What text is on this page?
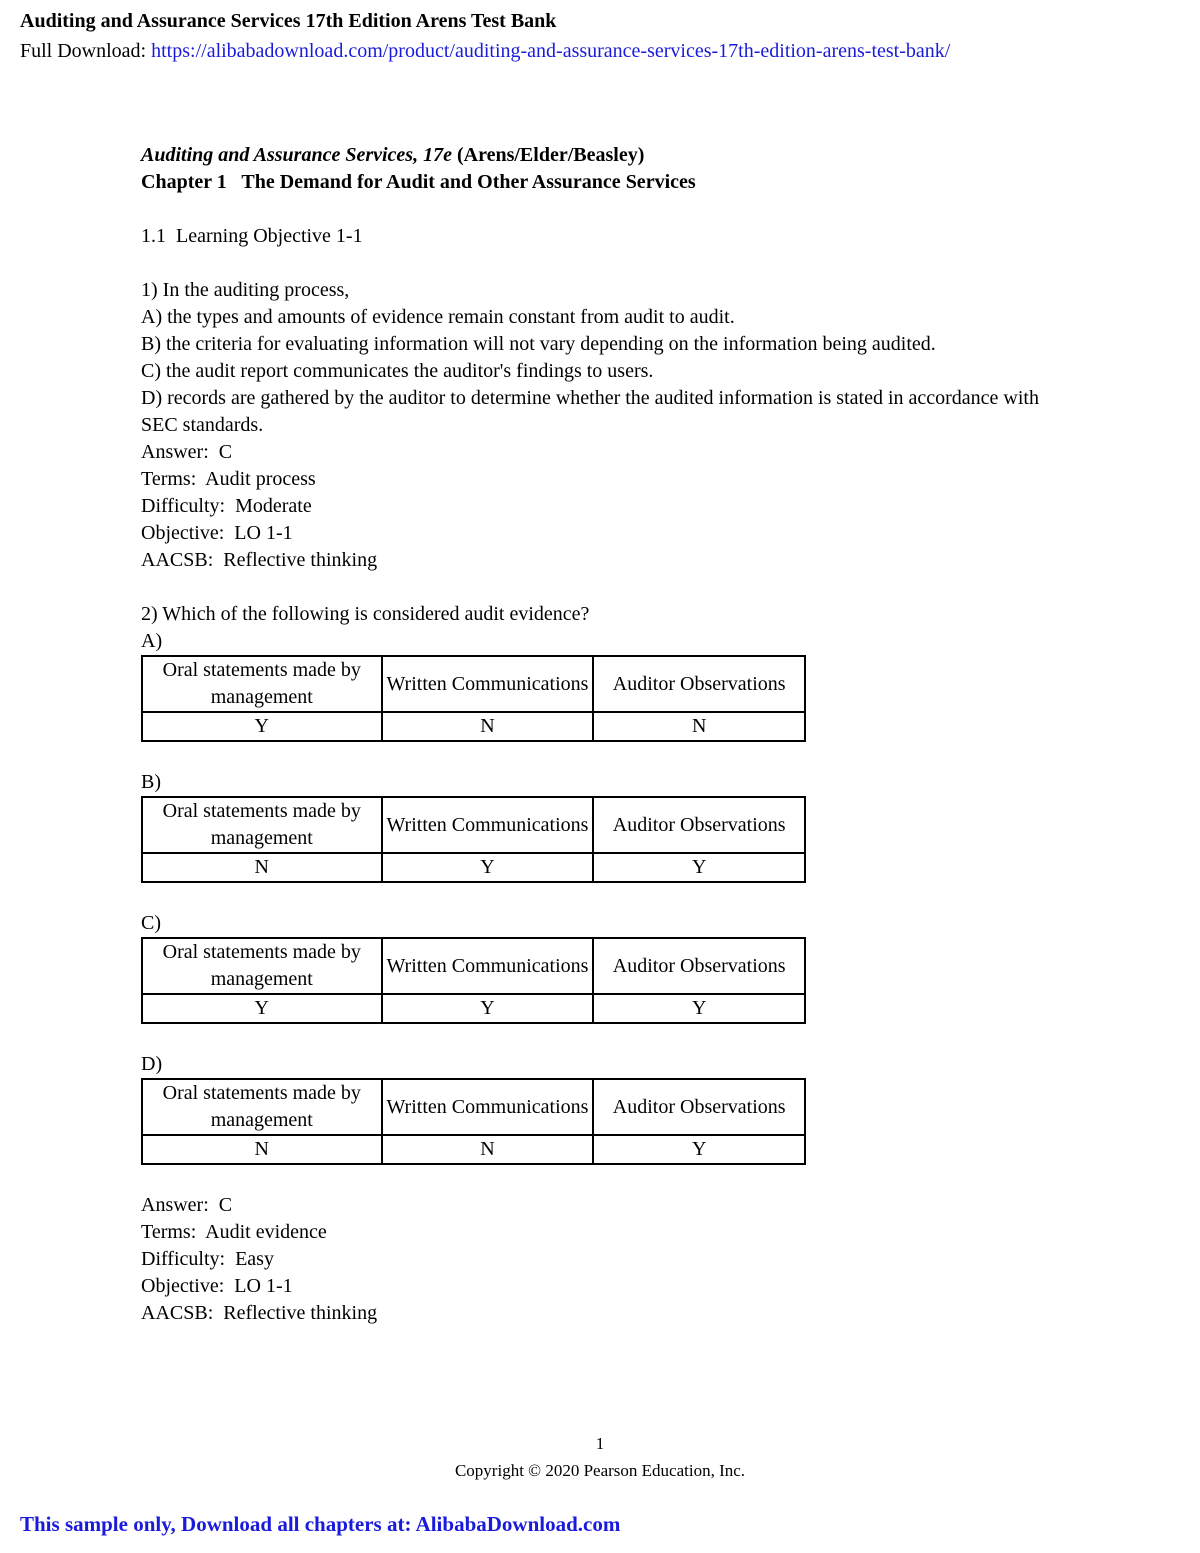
Auditing and Assurance Services 17th Edition Arens Test Bank
Full Download: https://alibabadownload.com/product/auditing-and-assurance-services-17th-edition-arens-test-bank/

Auditing and Assurance Services, 17e (Arens/Elder/Beasley)

Chapter 1   The Demand for Audit and Other Assurance Services

1.1  Learning Objective 1-1

1) In the auditing process,

A) the types and amounts of evidence remain constant from audit to audit.

B) the criteria for evaluating information will not vary depending on the information being audited.

C) the audit report communicates the auditor's findings to users.

D) records are gathered by the auditor to determine whether the audited information is stated in accordance with SEC standards.

Answer:  C

Terms:  Audit process

Difficulty:  Moderate

Objective:  LO 1-1

AACSB:  Reflective thinking

2) Which of the following is considered audit evidence?

A)

Oral statements made by management	Written Communications	Auditor Observations
Y	N	N

B)

Oral statements made by management	Written Communications	Auditor Observations
N	Y	Y

C)

Oral statements made by management	Written Communications	Auditor Observations
Y	Y	Y

D)

Oral statements made by management	Written Communications	Auditor Observations
N	N	Y

Answer:  C

Terms:  Audit evidence

Difficulty:  Easy

Objective:  LO 1-1

AACSB:  Reflective thinking

1
Copyright © 2020 Pearson Education, Inc.
This sample only, Download all chapters at: AlibabaDownload.com
